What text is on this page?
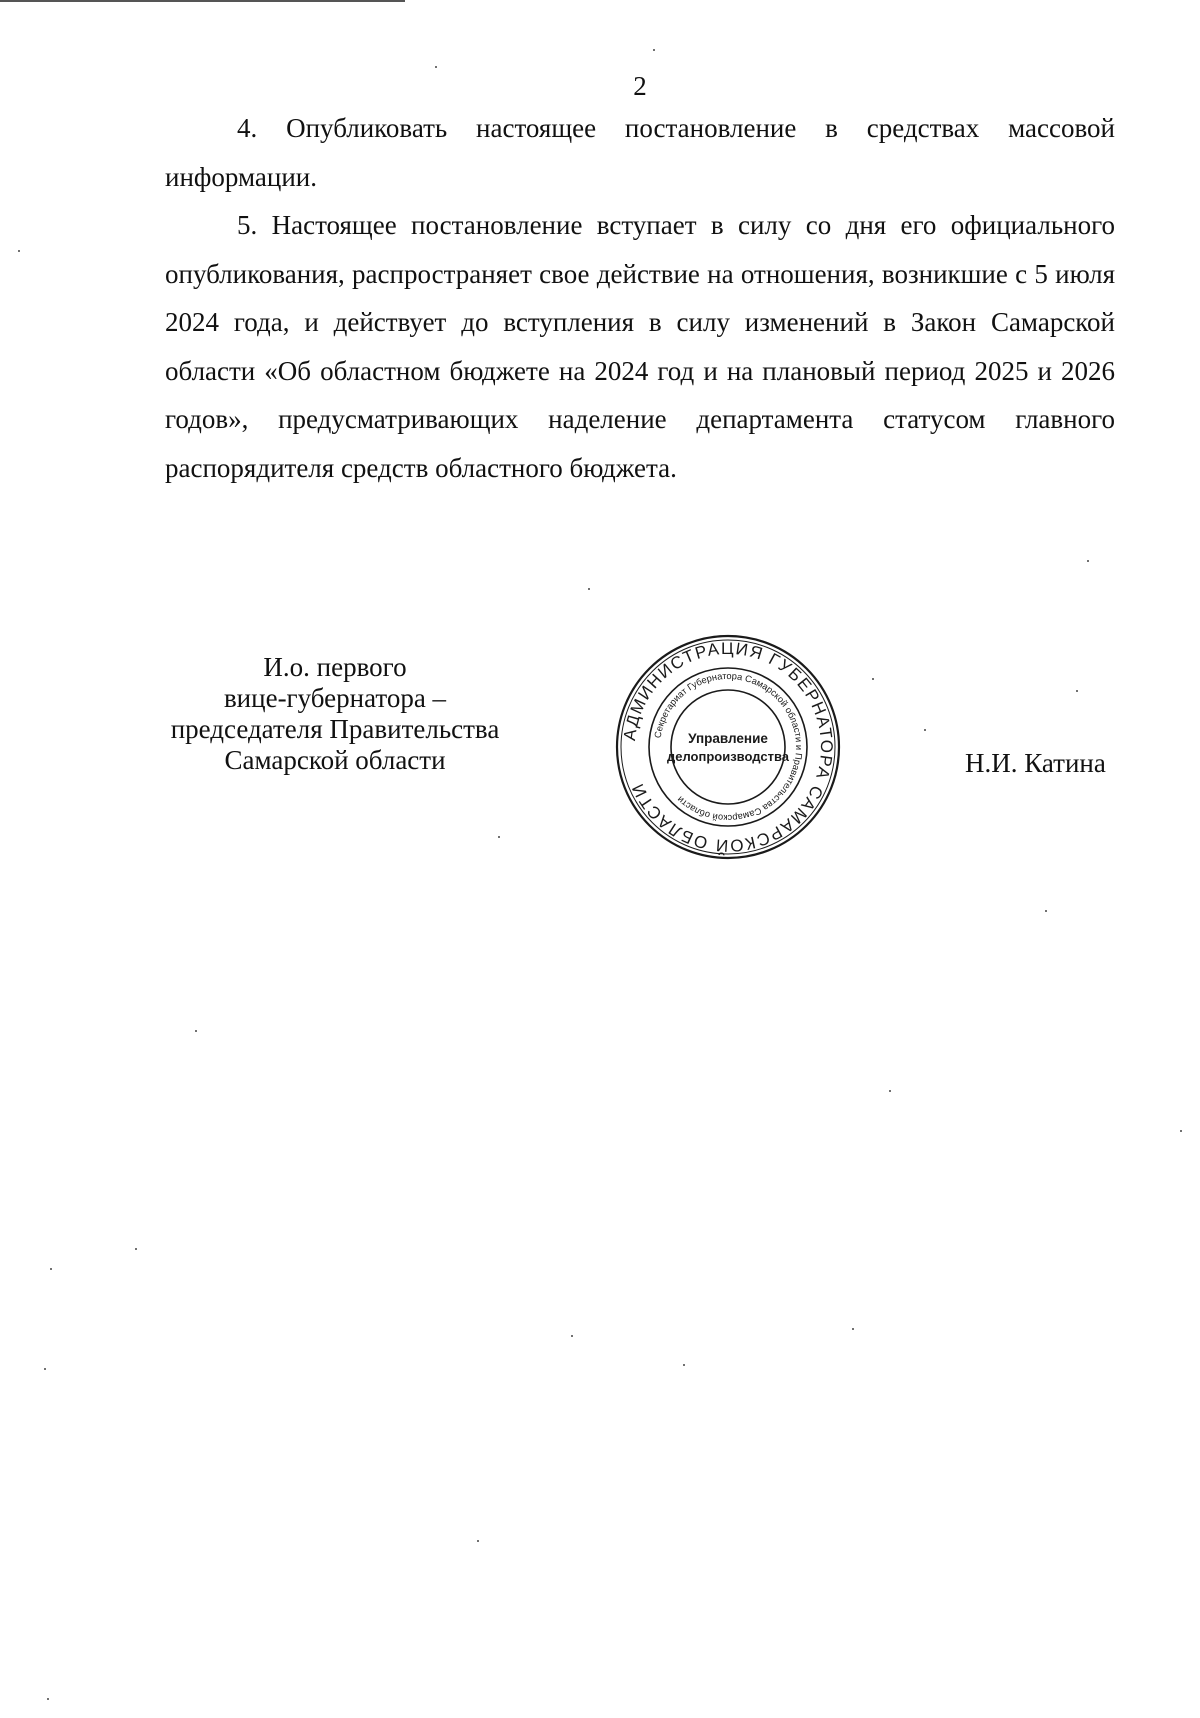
2

4. Опубликовать настоящее постановление в средствах массовой информации.

5. Настоящее постановление вступает в силу со дня его официального опубликования, распространяет свое действие на отношения, возникшие с 5 июля 2024 года, и действует до вступления в силу изменений в Закон Самарской области «Об областном бюджете на 2024 год и на плановый период 2025 и 2026 годов», предусматривающих наделение департамента статусом главного распорядителя средств областного бюджета.

И.о. первого
вице-губернатора –
председателя Правительства
Самарской области
АДМИНИСТРАЦИЯ ГУБЕРНАТОРА САМАРСКОЙ ОБЛАСТИ
Секретариат Губернатора Самарской области и Правительства Самарской области
Управление
делопроизводства	Н.И. Катина
